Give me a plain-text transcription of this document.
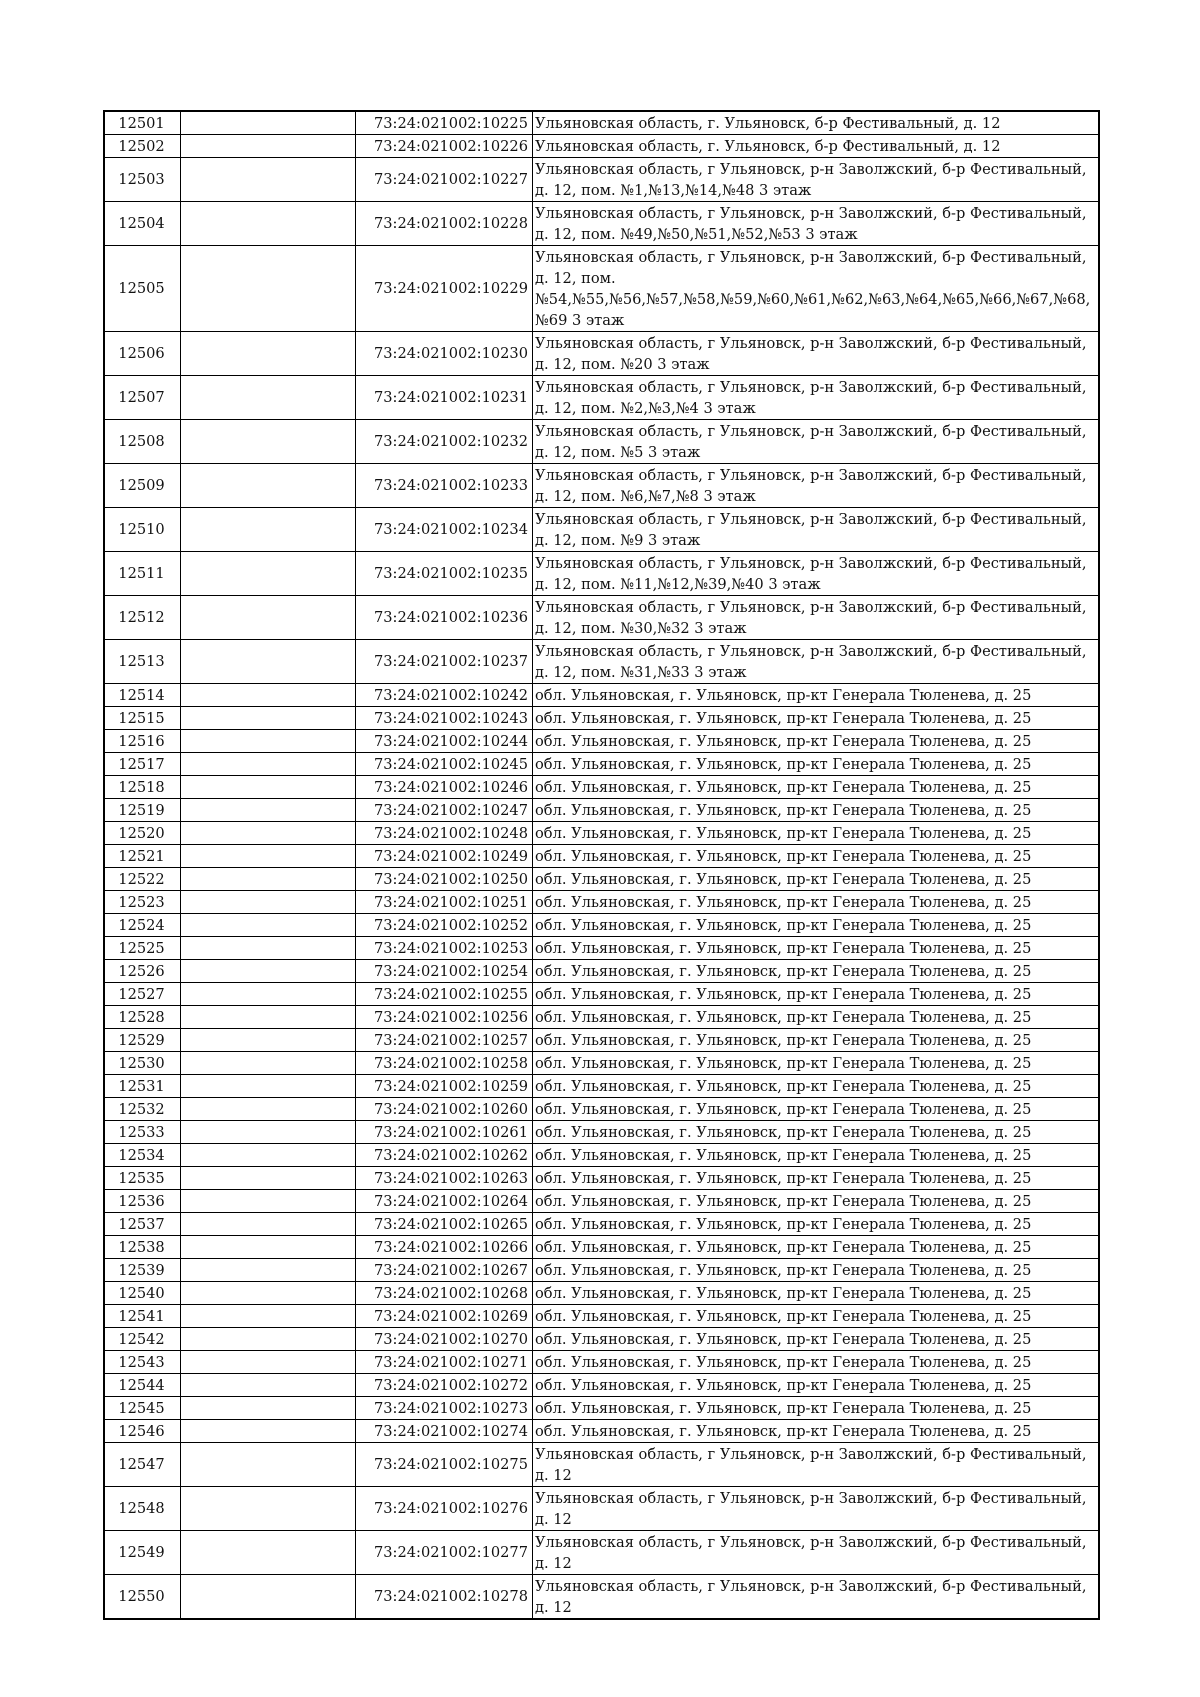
12501		73:24:021002:10225	Ульяновская область, г. Ульяновск, б-р Фестивальный, д. 12
12502		73:24:021002:10226	Ульяновская область, г. Ульяновск, б-р Фестивальный, д. 12
12503		73:24:021002:10227	Ульяновская область, г Ульяновск, р-н Заволжский, б-р Фестивальный, д. 12, пом. №1,№13,№14,№48 3 этаж
12504		73:24:021002:10228	Ульяновская область, г Ульяновск, р-н Заволжский, б-р Фестивальный, д. 12, пом. №49,№50,№51,№52,№53 3 этаж
12505		73:24:021002:10229	Ульяновская область, г Ульяновск, р-н Заволжский, б-р Фестивальный, д. 12, пом. №54,№55,№56,№57,№58,№59,№60,№61,№62,№63,№64,№65,№66,№67,№68,№69 3 этаж
12506		73:24:021002:10230	Ульяновская область, г Ульяновск, р-н Заволжский, б-р Фестивальный, д. 12, пом. №20 3 этаж
12507		73:24:021002:10231	Ульяновская область, г Ульяновск, р-н Заволжский, б-р Фестивальный, д. 12, пом. №2,№3,№4 3 этаж
12508		73:24:021002:10232	Ульяновская область, г Ульяновск, р-н Заволжский, б-р Фестивальный, д. 12, пом. №5 3 этаж
12509		73:24:021002:10233	Ульяновская область, г Ульяновск, р-н Заволжский, б-р Фестивальный, д. 12, пом. №6,№7,№8 3 этаж
12510		73:24:021002:10234	Ульяновская область, г Ульяновск, р-н Заволжский, б-р Фестивальный, д. 12, пом. №9 3 этаж
12511		73:24:021002:10235	Ульяновская область, г Ульяновск, р-н Заволжский, б-р Фестивальный, д. 12, пом. №11,№12,№39,№40 3 этаж
12512		73:24:021002:10236	Ульяновская область, г Ульяновск, р-н Заволжский, б-р Фестивальный, д. 12, пом. №30,№32 3 этаж
12513		73:24:021002:10237	Ульяновская область, г Ульяновск, р-н Заволжский, б-р Фестивальный, д. 12, пом. №31,№33 3 этаж
12514		73:24:021002:10242	обл. Ульяновская, г. Ульяновск, пр-кт Генерала Тюленева, д. 25
12515		73:24:021002:10243	обл. Ульяновская, г. Ульяновск, пр-кт Генерала Тюленева, д. 25
12516		73:24:021002:10244	обл. Ульяновская, г. Ульяновск, пр-кт Генерала Тюленева, д. 25
12517		73:24:021002:10245	обл. Ульяновская, г. Ульяновск, пр-кт Генерала Тюленева, д. 25
12518		73:24:021002:10246	обл. Ульяновская, г. Ульяновск, пр-кт Генерала Тюленева, д. 25
12519		73:24:021002:10247	обл. Ульяновская, г. Ульяновск, пр-кт Генерала Тюленева, д. 25
12520		73:24:021002:10248	обл. Ульяновская, г. Ульяновск, пр-кт Генерала Тюленева, д. 25
12521		73:24:021002:10249	обл. Ульяновская, г. Ульяновск, пр-кт Генерала Тюленева, д. 25
12522		73:24:021002:10250	обл. Ульяновская, г. Ульяновск, пр-кт Генерала Тюленева, д. 25
12523		73:24:021002:10251	обл. Ульяновская, г. Ульяновск, пр-кт Генерала Тюленева, д. 25
12524		73:24:021002:10252	обл. Ульяновская, г. Ульяновск, пр-кт Генерала Тюленева, д. 25
12525		73:24:021002:10253	обл. Ульяновская, г. Ульяновск, пр-кт Генерала Тюленева, д. 25
12526		73:24:021002:10254	обл. Ульяновская, г. Ульяновск, пр-кт Генерала Тюленева, д. 25
12527		73:24:021002:10255	обл. Ульяновская, г. Ульяновск, пр-кт Генерала Тюленева, д. 25
12528		73:24:021002:10256	обл. Ульяновская, г. Ульяновск, пр-кт Генерала Тюленева, д. 25
12529		73:24:021002:10257	обл. Ульяновская, г. Ульяновск, пр-кт Генерала Тюленева, д. 25
12530		73:24:021002:10258	обл. Ульяновская, г. Ульяновск, пр-кт Генерала Тюленева, д. 25
12531		73:24:021002:10259	обл. Ульяновская, г. Ульяновск, пр-кт Генерала Тюленева, д. 25
12532		73:24:021002:10260	обл. Ульяновская, г. Ульяновск, пр-кт Генерала Тюленева, д. 25
12533		73:24:021002:10261	обл. Ульяновская, г. Ульяновск, пр-кт Генерала Тюленева, д. 25
12534		73:24:021002:10262	обл. Ульяновская, г. Ульяновск, пр-кт Генерала Тюленева, д. 25
12535		73:24:021002:10263	обл. Ульяновская, г. Ульяновск, пр-кт Генерала Тюленева, д. 25
12536		73:24:021002:10264	обл. Ульяновская, г. Ульяновск, пр-кт Генерала Тюленева, д. 25
12537		73:24:021002:10265	обл. Ульяновская, г. Ульяновск, пр-кт Генерала Тюленева, д. 25
12538		73:24:021002:10266	обл. Ульяновская, г. Ульяновск, пр-кт Генерала Тюленева, д. 25
12539		73:24:021002:10267	обл. Ульяновская, г. Ульяновск, пр-кт Генерала Тюленева, д. 25
12540		73:24:021002:10268	обл. Ульяновская, г. Ульяновск, пр-кт Генерала Тюленева, д. 25
12541		73:24:021002:10269	обл. Ульяновская, г. Ульяновск, пр-кт Генерала Тюленева, д. 25
12542		73:24:021002:10270	обл. Ульяновская, г. Ульяновск, пр-кт Генерала Тюленева, д. 25
12543		73:24:021002:10271	обл. Ульяновская, г. Ульяновск, пр-кт Генерала Тюленева, д. 25
12544		73:24:021002:10272	обл. Ульяновская, г. Ульяновск, пр-кт Генерала Тюленева, д. 25
12545		73:24:021002:10273	обл. Ульяновская, г. Ульяновск, пр-кт Генерала Тюленева, д. 25
12546		73:24:021002:10274	обл. Ульяновская, г. Ульяновск, пр-кт Генерала Тюленева, д. 25
12547		73:24:021002:10275	Ульяновская область, г Ульяновск, р-н Заволжский, б-р Фестивальный, д. 12
12548		73:24:021002:10276	Ульяновская область, г Ульяновск, р-н Заволжский, б-р Фестивальный, д. 12
12549		73:24:021002:10277	Ульяновская область, г Ульяновск, р-н Заволжский, б-р Фестивальный, д. 12
12550		73:24:021002:10278	Ульяновская область, г Ульяновск, р-н Заволжский, б-р Фестивальный, д. 12
